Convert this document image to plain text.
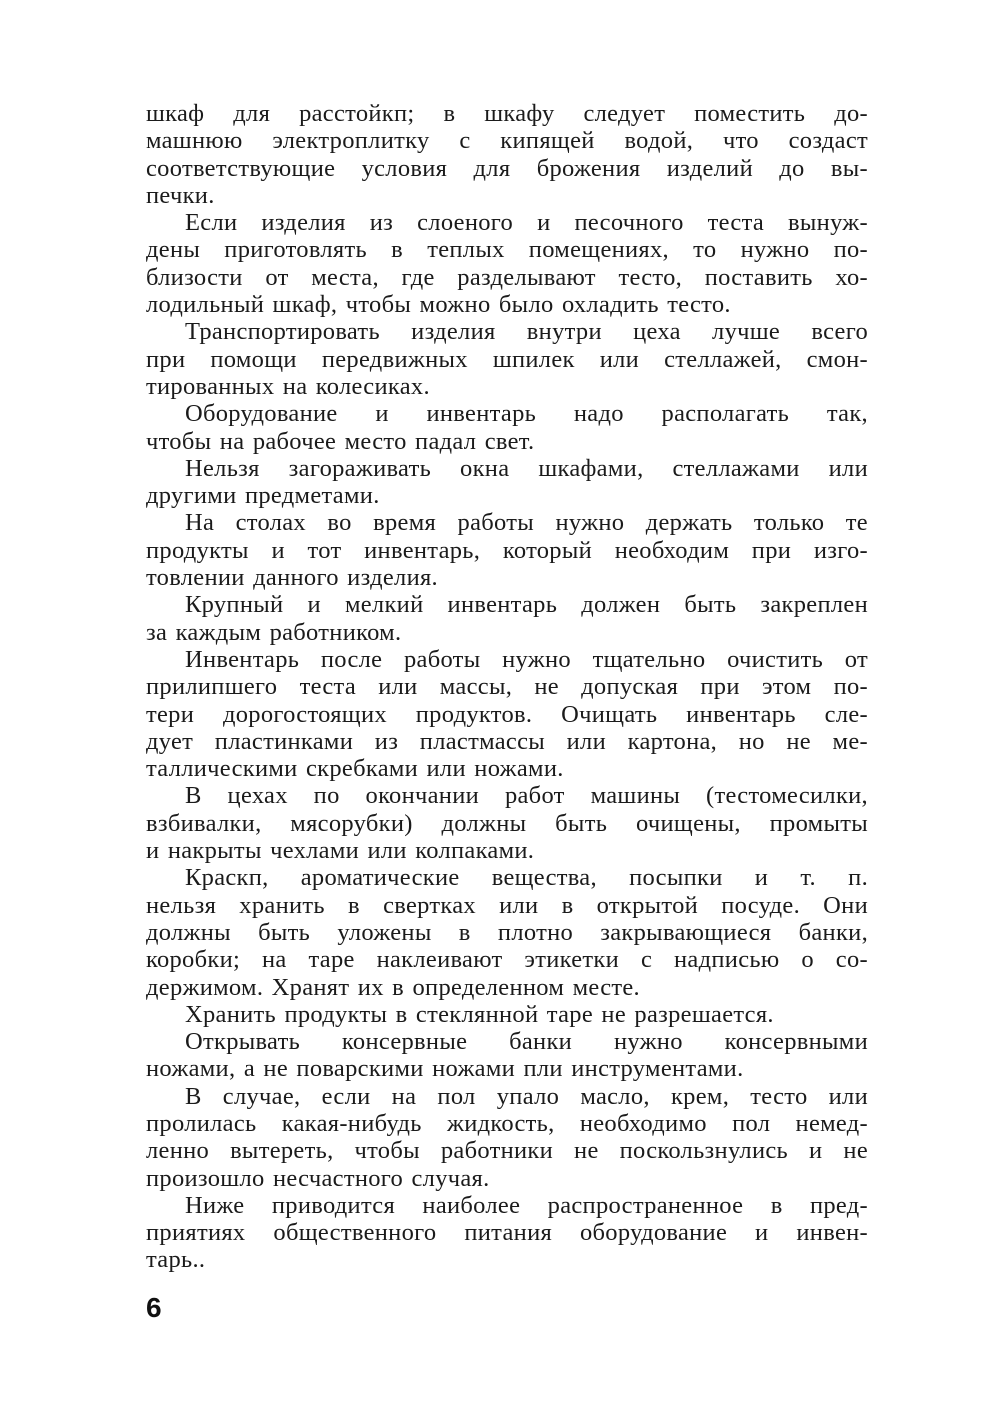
шкаф для расстойкп; в шкафу следует поместить до-
машнюю электроплитку с кипящей водой, что создаст
соответствующие условия для брожения изделий до вы-
печки.
Если изделия из слоеного и песочного теста вынуж-
дены приготовлять в теплых помещениях, то нужно по-
близости от места, где разделывают тесто, поставить хо-
лодильный шкаф, чтобы можно было охладить тесто.
Транспортировать изделия внутри цеха лучше всего
при помощи передвижных шпилек или стеллажей, смон-
тированных на колесиках.
Оборудование и инвентарь надо располагать так,
чтобы на рабочее место падал свет.
Нельзя загораживать окна шкафами, стеллажами или
другими предметами.
На столах во время работы нужно держать только те
продукты и тот инвентарь, который необходим при изго-
товлении данного изделия.
Крупный и мелкий инвентарь должен быть закреплен
за каждым работником.
Инвентарь после работы нужно тщательно очистить от
прилипшего теста или массы, не допуская при этом по-
тери дорогостоящих продуктов. Очищать инвентарь сле-
дует пластинками из пластмассы или картона, но не ме-
таллическими скребками или ножами.
В цехах по окончании работ машины (тестомесилки,
взбивалки, мясорубки) должны быть очищены, промыты
и накрыты чехлами или колпаками.
Краскп, ароматические вещества, посыпки и т. п.
нельзя хранить в свертках или в открытой посуде. Они
должны быть уложены в плотно закрывающиеся банки,
коробки; на таре наклеивают этикетки с надписью о со-
держимом. Хранят их в определенном месте.
Хранить продукты в стеклянной таре не разрешается.
Открывать консервные банки нужно консервными
ножами, а не поварскими ножами пли инструментами.
В случае, если на пол упало масло, крем, тесто или
пролилась какая-нибудь жидкость, необходимо пол немед-
ленно вытереть, чтобы работники не поскользнулись и не
произошло несчастного случая.
Ниже приводится наиболее распространенное в пред-
приятиях общественного питания оборудование и инвен-
тарь..
6
